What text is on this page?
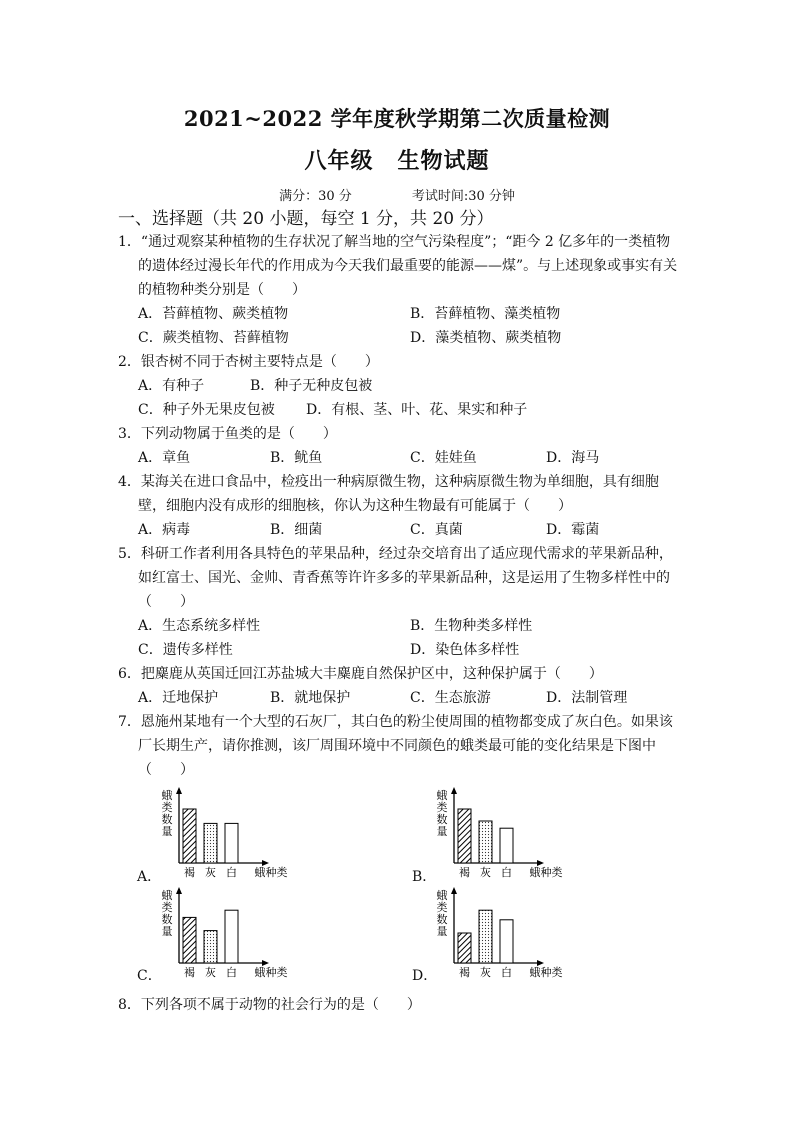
2021~2022 学年度秋学期第二次质量检测
八年级 生物试题
满分：30 分	考试时间:30 分钟
一、选择题（共 20 小题，每空 1 分，共 20 分）
1．“通过观察某种植物的生存状况了解当地的空气污染程度”；“距今 2 亿多年的一类植物的遗体经过漫长年代的作用成为今天我们最重要的能源——煤”。与上述现象或事实有关的植物种类分别是（　　）
A．苔藓植物、蕨类植物	B．苔藓植物、藻类植物
C．蕨类植物、苔藓植物	D．藻类植物、蕨类植物
2．银杏树不同于杏树主要特点是（　　）
A．有种子	B．种子无种皮包被
C．种子外无果皮包被 D．有根、茎、叶、花、果实和种子
3．下列动物属于鱼类的是（　　）
A．章鱼	B．鱿鱼	C．娃娃鱼	D．海马
4．某海关在进口食品中，检疫出一种病原微生物，这种病原微生物为单细胞，具有细胞壁，细胞内没有成形的细胞核，你认为这种生物最有可能属于（　　）
A．病毒	B．细菌	C．真菌	D．霉菌
5．科研工作者利用各具特色的苹果品种，经过杂交培育出了适应现代需求的苹果新品种，如红富士、国光、金帅、青香蕉等许许多多的苹果新品种，这是运用了生物多样性中的（　　）
A．生态系统多样性	B．生物种类多样性
C．遗传多样性	D．染色体多样性
6．把麋鹿从英国迁回江苏盐城大丰麋鹿自然保护区中，这种保护属于（　　）
A．迁地保护	B．就地保护	C．生态旅游	D．法制管理
7．恩施州某地有一个大型的石灰厂，其白色的粉尘使周围的植物都变成了灰白色。如果该厂长期生产，请你推测，该厂周围环境中不同颜色的蛾类最可能的变化结果是下图中（　　）
A．
蛾类数量
褐 灰 白 蛾种类	B．
蛾类数量
褐 灰 白 蛾种类
C．
蛾类数量
褐 灰 白 蛾种类	D．
蛾类数量
褐 灰 白 蛾种类
8．下列各项不属于动物的社会行为的是（　　）
